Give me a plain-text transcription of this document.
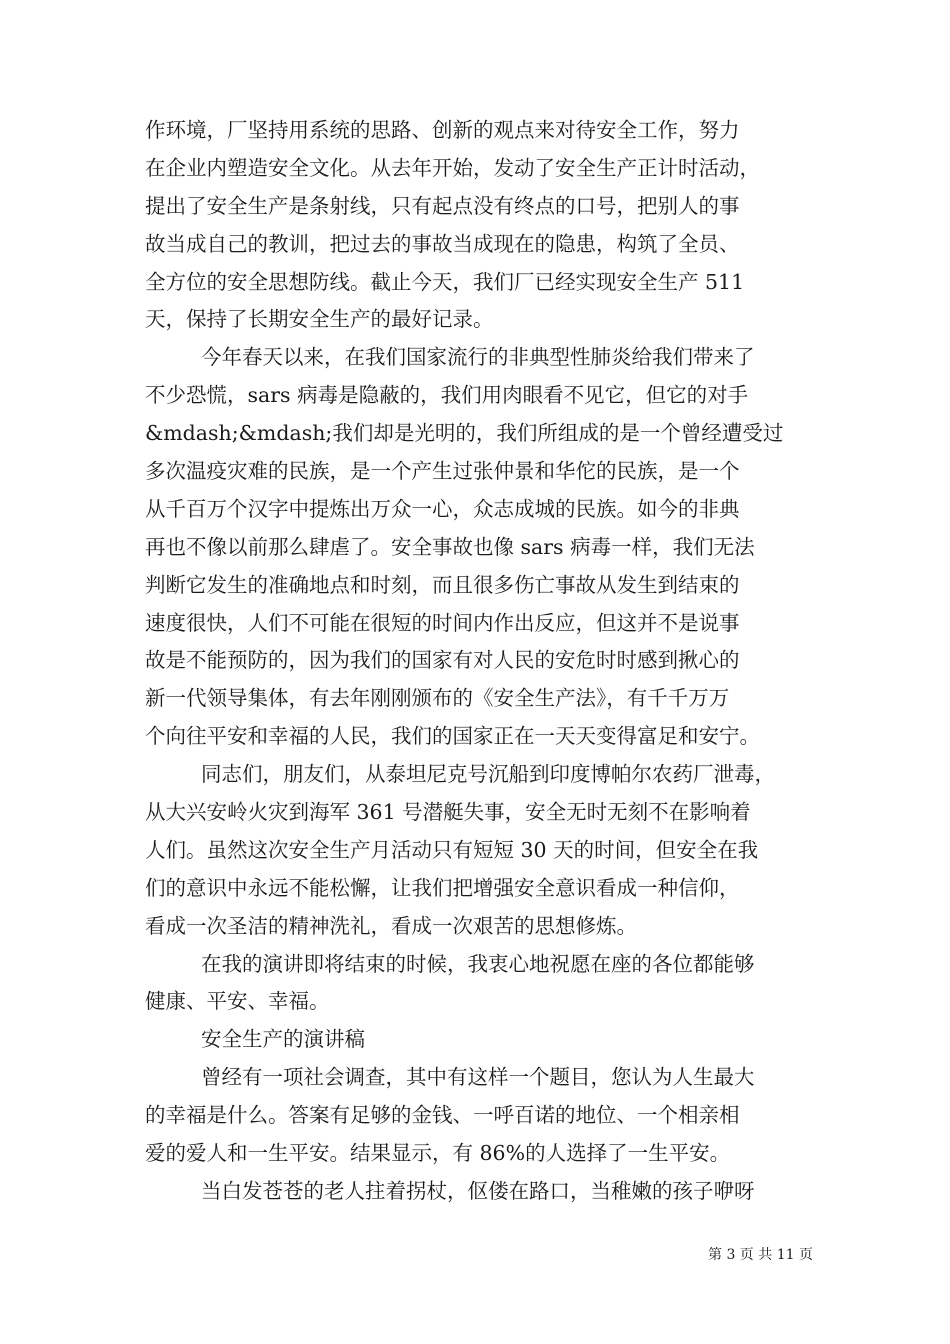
作环境，厂坚持用系统的思路、创新的观点来对待安全工作，努力
在企业内塑造安全文化。从去年开始，发动了安全生产正计时活动，
提出了安全生产是条射线，只有起点没有终点的口号，把别人的事
故当成自己的教训，把过去的事故当成现在的隐患，构筑了全员、
全方位的安全思想防线。截止今天，我们厂已经实现安全生产 511
天，保持了长期安全生产的最好记录。
今年春天以来，在我们国家流行的非典型性肺炎给我们带来了
不少恐慌，sars 病毒是隐蔽的，我们用肉眼看不见它，但它的对手
&mdash;&mdash;我们却是光明的，我们所组成的是一个曾经遭受过
多次温疫灾难的民族，是一个产生过张仲景和华佗的民族，是一个
从千百万个汉字中提炼出万众一心，众志成城的民族。如今的非典
再也不像以前那么肆虐了。安全事故也像 sars 病毒一样，我们无法
判断它发生的准确地点和时刻，而且很多伤亡事故从发生到结束的
速度很快，人们不可能在很短的时间内作出反应，但这并不是说事
故是不能预防的，因为我们的国家有对人民的安危时时感到揪心的
新一代领导集体，有去年刚刚颁布的《安全生产法》，有千千万万
个向往平安和幸福的人民，我们的国家正在一天天变得富足和安宁。
同志们，朋友们，从泰坦尼克号沉船到印度博帕尔农药厂泄毒，
从大兴安岭火灾到海军 361 号潜艇失事，安全无时无刻不在影响着
人们。虽然这次安全生产月活动只有短短 30 天的时间，但安全在我
们的意识中永远不能松懈，让我们把增强安全意识看成一种信仰，
看成一次圣洁的精神洗礼，看成一次艰苦的思想修炼。
在我的演讲即将结束的时候，我衷心地祝愿在座的各位都能够
健康、平安、幸福。
安全生产的演讲稿
曾经有一项社会调查，其中有这样一个题目，您认为人生最大
的幸福是什么。答案有足够的金钱、一呼百诺的地位、一个相亲相
爱的爱人和一生平安。结果显示，有 86%的人选择了一生平安。
当白发苍苍的老人拄着拐杖，伛偻在路口，当稚嫩的孩子咿呀
第 3 页 共 11 页
